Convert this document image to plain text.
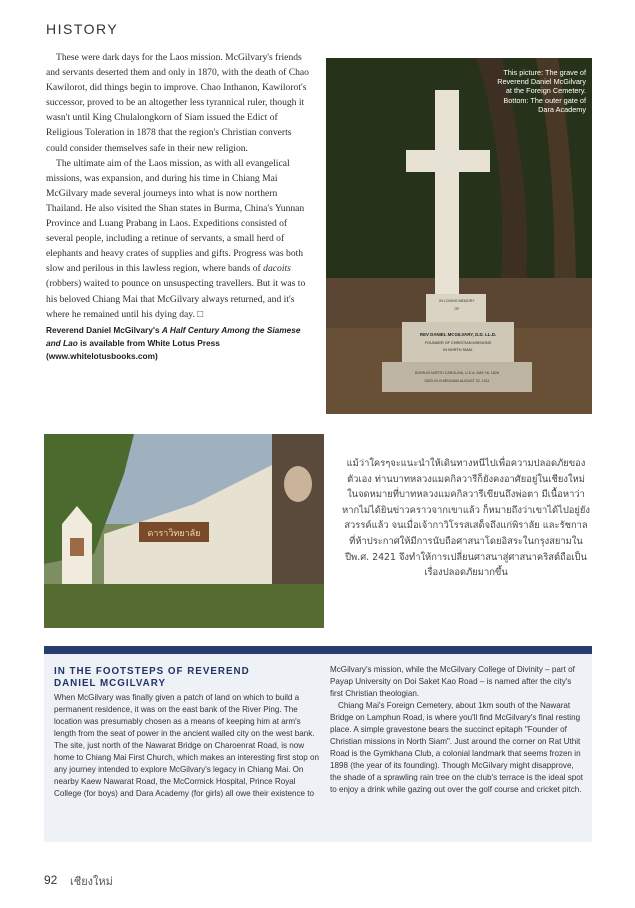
HISTORY

These were dark days for the Laos mission. McGilvary's friends and servants deserted them and only in 1870, with the death of Chao Kawilorot, did things begin to improve. Chao Inthanon, Kawilorot's successor, proved to be an altogether less tyrannical ruler, though it wasn't until King Chulalongkorn of Siam issued the Edict of Religious Toleration in 1878 that the region's Christian converts could consider themselves safe in their new religion.

The ultimate aim of the Laos mission, as with all evangelical missions, was expansion, and during his time in Chiang Mai McGilvary made several journeys into what is now northern Thailand. He also visited the Shan states in Burma, China's Yunnan Province and Luang Prabang in Laos. Expeditions consisted of several people, including a retinue of servants, a small herd of elephants and heavy crates of supplies and gifts. Progress was both slow and perilous in this lawless region, where bands of dacoits (robbers) waited to pounce on unsuspecting travellers. But it was to his beloved Chiang Mai that McGilvary always returned, and it's where he remained until his dying day. □

Reverend Daniel McGilvary's A Half Century Among the Siamese and Lao is available from White Lotus Press (www.whitelotusbooks.com)
IN LOVING MEMORY
OF
REV DANIEL MCGILVARY, D.D. LL.D.
FOUNDER OF CHRISTIAN MISSIONS
IN NORTH SIAM.
BORN IN NORTH CAROLINA, U.S.A. MAY 16, 1828
DIED IN CHIENGMAI AUGUST 22, 1911
This picture: The grave of Reverend Daniel McGilvary at the Foreign Cemetery. Bottom: The outer gate of Dara Academy
ดาราวิทยาลัย
แม้ว่าใครๆจะแนะนำให้เดินทางหนีไปเพื่อความปลอดภัยของตัวเอง ท่านบาทหลวงแมคกิลวารีก็ยังคงอาศัยอยู่ในเชียงใหม่ ในจดหมายที่บาทหลวงแมคกิลวารีเขียนถึงพ่อตา มีเนื้อหาว่าหากไม่ได้ยินข่าวคราวจากเขาแล้ว ก็หมายถึงว่าเขาได้ไปอยู่ยังสวรรค์แล้ว จนเมื่อเจ้ากาวิโรรสเสด็จถึงแก่พิราลัย และรัชกาลที่ห้าประกาศให้มีการนับถือศาสนาโดยอิสระในกรุงสยามในปีพ.ศ. 2421 จึงทำให้การเปลี่ยนศาสนาสู่ศาสนาคริสต์ถือเป็นเรื่องปลอดภัยมากขึ้น
IN THE FOOTSTEPS OF REVEREND
DANIEL MCGILVARY

When McGilvary was finally given a patch of land on which to build a permanent residence, it was on the east bank of the River Ping. The location was presumably chosen as a means of keeping him at arm's length from the seat of power in the ancient walled city on the west bank. The site, just north of the Nawarat Bridge on Charoenrat Road, is now home to Chiang Mai First Church, which makes an interesting first stop on any journey intended to explore McGilvary's legacy in Chiang Mai. On nearby Kaew Nawarat Road, the McCormick Hospital, Prince Royal College (for boys) and Dara Academy (for girls) all owe their existence to

McGilvary's mission, while the McGilvary College of Divinity – part of Payap University on Doi Saket Kao Road – is named after the city's first Christian theologian.

Chiang Mai's Foreign Cemetery, about 1km south of the Nawarat Bridge on Lamphun Road, is where you'll find McGilvary's final resting place. A simple gravestone bears the succinct epitaph "Founder of Christian missions in North Siam". Just around the corner on Rat Uthit Road is the Gymkhana Club, a colonial landmark that seems frozen in 1898 (the year of its founding). Though McGilvary might disapprove, the shade of a sprawling rain tree on the club's terrace is the ideal spot to enjoy a drink while gazing out over the golf course and cricket pitch.

92 เชียงใหม่
